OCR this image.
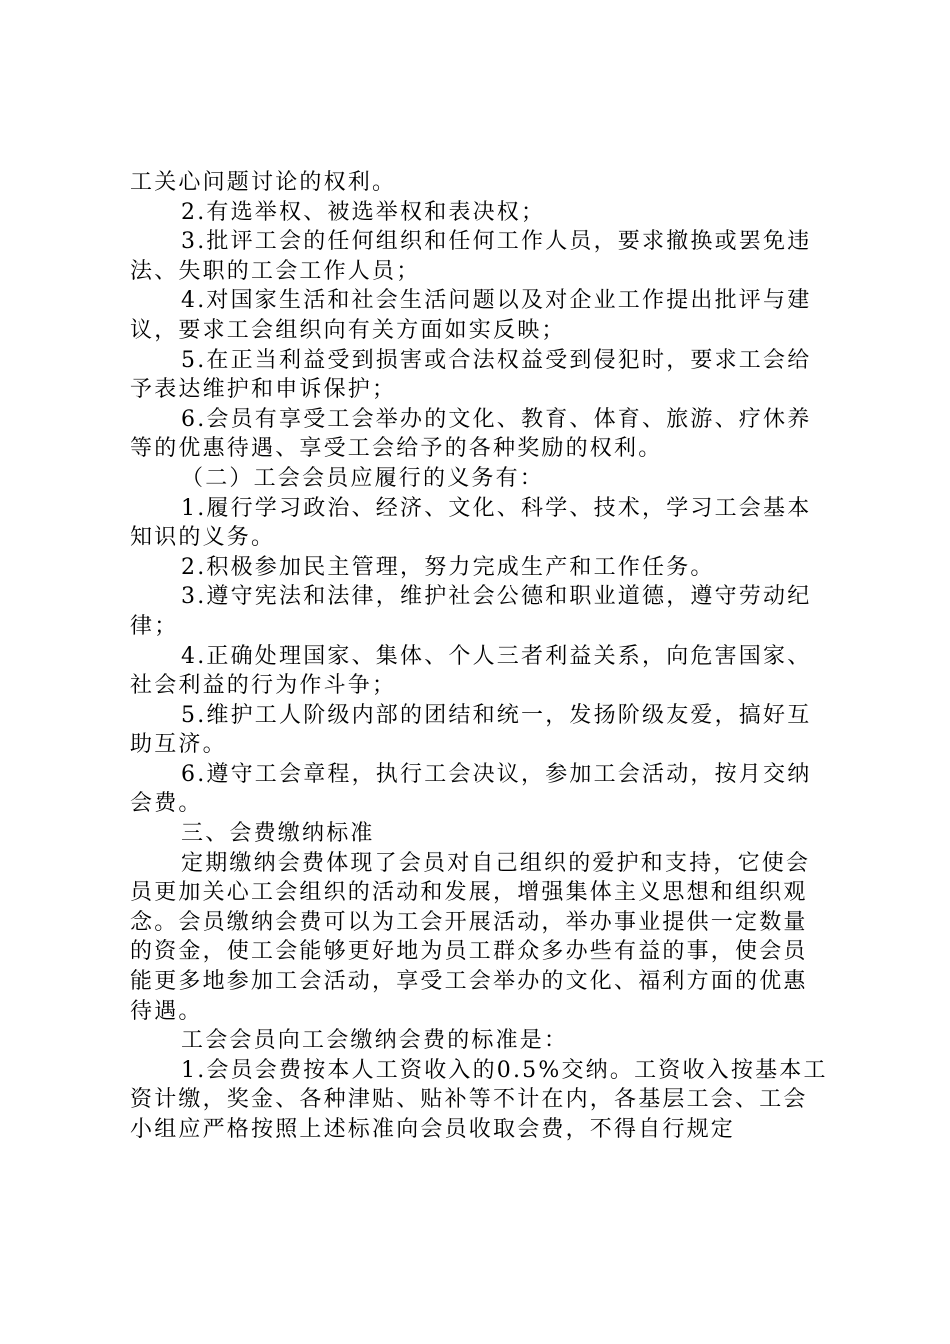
工关心问题讨论的权利。

2.有选举权、被选举权和表决权；

3.批评工会的任何组织和任何工作人员，要求撤换或罢免违法、失职的工会工作人员；

4.对国家生活和社会生活问题以及对企业工作提出批评与建议，要求工会组织向有关方面如实反映；

5.在正当利益受到损害或合法权益受到侵犯时，要求工会给予表达维护和申诉保护；

6.会员有享受工会举办的文化、教育、体育、旅游、疗休养等的优惠待遇、享受工会给予的各种奖励的权利。

（二）工会会员应履行的义务有：

1.履行学习政治、经济、文化、科学、技术，学习工会基本知识的义务。

2.积极参加民主管理，努力完成生产和工作任务。

3.遵守宪法和法律，维护社会公德和职业道德，遵守劳动纪律；

4.正确处理国家、集体、个人三者利益关系，向危害国家、社会利益的行为作斗争；

5.维护工人阶级内部的团结和统一，发扬阶级友爱，搞好互助互济。

6.遵守工会章程，执行工会决议，参加工会活动，按月交纳会费。

三、会费缴纳标准

定期缴纳会费体现了会员对自己组织的爱护和支持，它使会员更加关心工会组织的活动和发展，增强集体主义思想和组织观念。会员缴纳会费可以为工会开展活动，举办事业提供一定数量的资金，使工会能够更好地为员工群众多办些有益的事，使会员能更多地参加工会活动，享受工会举办的文化、福利方面的优惠待遇。

工会会员向工会缴纳会费的标准是：

1.会员会费按本人工资收入的0.5%交纳。工资收入按基本工资计缴，奖金、各种津贴、贴补等不计在内，各基层工会、工会小组应严格按照上述标准向会员收取会费，不得自行规定
